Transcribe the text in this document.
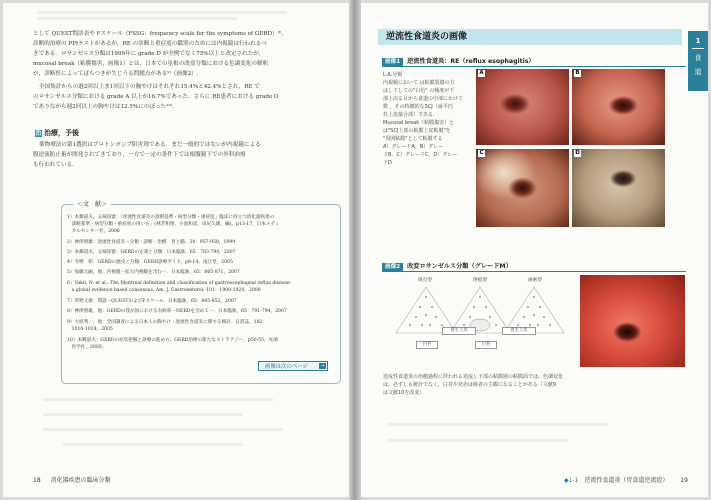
として QUEST問診表や Fスケール（FSSG：frequency scale for the symptoms of GERD）⁸⁾，
診断的治療の PPIテストがあるが，RE の診断と重症度の鑑別のためには内視鏡は行われるべ
きである．ロサンゼルス分類は1999年に grade D が全例でなく75%以上と改定されたが，
mucosal break（粘膜傷害，画像1）とは，日本での星根の改変分類における色調変化の解釈
が，診断医によってばらつきが生じうる問題点がある⁹⁾（画像2）.
全国集計からの過2回以上ま1回以下の胸やけはそれぞれ15.4%と42.4%とされ，RE で
のロサンゼルス分類における grade A 以上が16.7%であった．さらに RE患者における grade O
でありながら週2回以上の胸やけは12.5%にのぼった¹⁰⁾.
治 治療，予後
薬物療法の第1選択はプロトンポンプ阻害剤である．まだ一般的ではないが内視鏡による
腹逆流防止術が開発されてきており，一方で一定の条件下では根腹鏡下での外科治療
も行われている．
＜文　献＞
1）本郷道夫，五味知憲：「逆流性食道炎の診断基準・病型分類・重症度」臨床に役立つ消化器疾患の
　診断基準・病型分類・重症度の用い方」(林芳和博，小池和彦，田尻久雄，編)，p13-17，日本メディ
　カルセンター社，2006
2）神津照雄：逆流性食道炎－分類・診断・治療．胃と腸，34：957-958，1999
3）本郷道夫，五味知憲：GERDの定義と分類．日本臨牀，65：783-790，2007
4）寺野　彰：GERDの歴史と分類．GERD診療ガイド，p9-14，南江堂，2005
5）加藤元嗣，他：内視鏡－拡大内視鏡を含む－．日本臨牀，65：865-871，2007
6）Vakil, N. et al.: The Montreal definition and classification of gastroesophageal reflux disease：
　a global evidence-based consensus. Am. J. Gastroenterol, 101：1900-1920，2006
7）草野元康：問診－QUESTおよびFスケール．日本臨牀，65：845-852，2007
8）神津照雄，他：GERDの我が国における有病率－NERDを含めて－．日本臨牀，65：791-794，2007
9）大原秀一，他：全国調査による日本人の胸やけ・逆流性食道炎に関する検討．日消誌，102：
　1010-1024，2005
10）本郷道夫：GERDの症状把握と診療の進め方，GERD治療の新たなストラテジー，p50-55，先端
　医学社，2005
画像は次のページ →
18 消化器疾患の臨床分類
逆流性食道炎の画像	1
食
道
画像1 逆流性食道炎：RE（reflux esophagitis）
L.A.分類
内視鏡において は粘膜裂傷の方
はしてしての"白色" の頻度が下
部上次る目から食道の中部にかけて
数 ，その特徴的なSCJ（扁平円
柱上皮接合部）である．
Mucosal break（粘膜傷害）と
は"SCJ上部の粘膜上皮粘膜"を
"周囲粘膜"として粘膜する
A）グレードA，B）グレー
ドB，C）グレードC，D）グレー
ドD
A	B
C	D
画像2 改変ロサンゼルス分類（グレードM）
斑点型	溶痕型	画索型
白苔
再生上皮
白苔
再生上皮
逆流性食道炎の治癒過程に伴われる逆流し下部の粘膜層の粘膜面では，色調変化
は，必ずしも統計でなく，白苔や発赤は検者の主観になることがある（文献9
は文献10を改変）
◆1-1 逆流性食道炎（胃食道逆流症） 19
